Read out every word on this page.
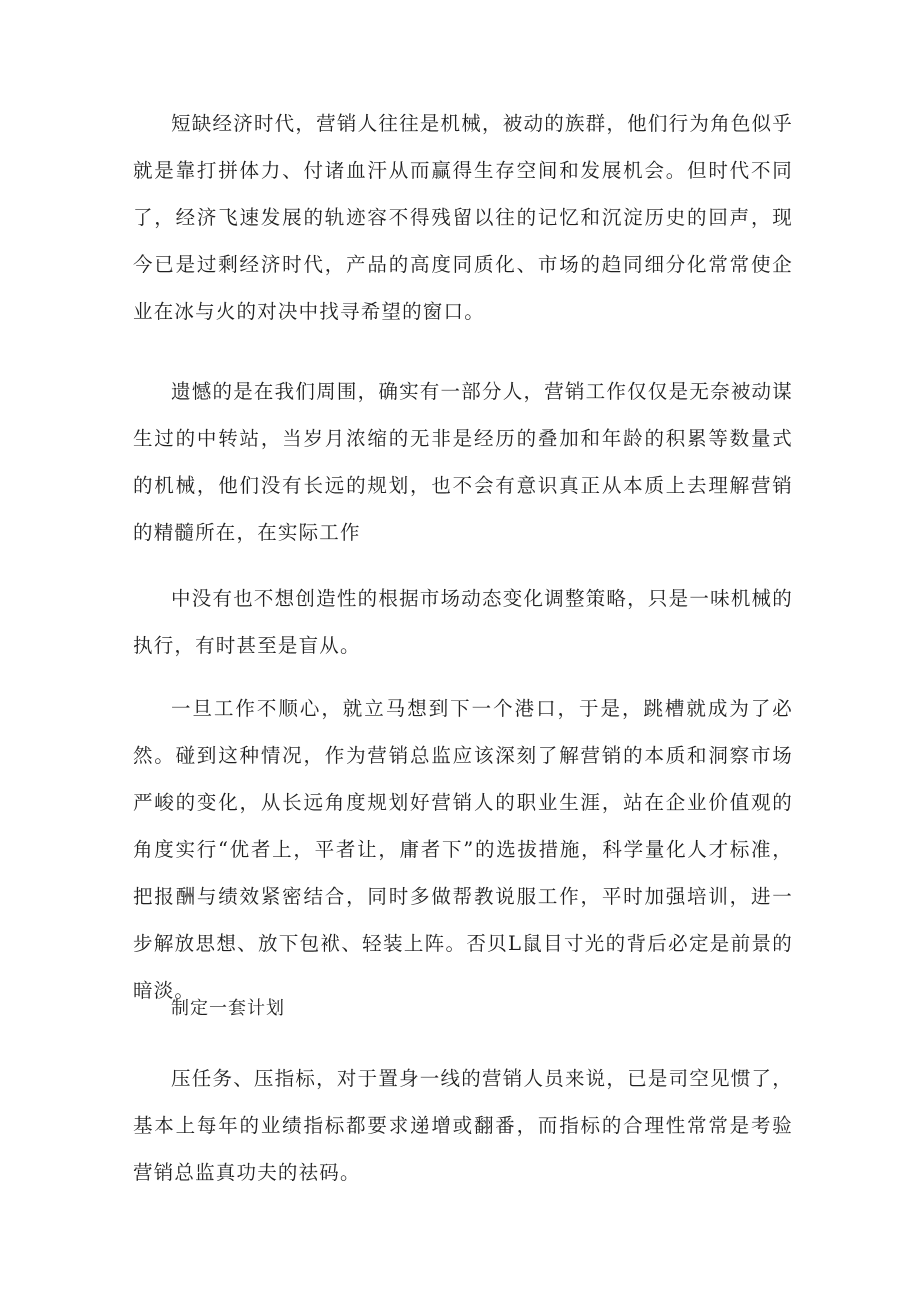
短缺经济时代，营销人往往是机械，被动的族群，他们行为角色似乎就是靠打拼体力、付诸血汗从而赢得生存空间和发展机会。但时代不同了，经济飞速发展的轨迹容不得残留以往的记忆和沉淀历史的回声，现今已是过剩经济时代，产品的高度同质化、市场的趋同细分化常常使企业在冰与火的对决中找寻希望的窗口。

遗憾的是在我们周围，确实有一部分人，营销工作仅仅是无奈被动谋生过的中转站，当岁月浓缩的无非是经历的叠加和年龄的积累等数量式的机械，他们没有长远的规划，也不会有意识真正从本质上去理解营销的精髓所在，在实际工作

中没有也不想创造性的根据市场动态变化调整策略，只是一味机械的执行，有时甚至是盲从。

一旦工作不顺心，就立马想到下一个港口，于是，跳槽就成为了必然。碰到这种情况，作为营销总监应该深刻了解营销的本质和洞察市场严峻的变化，从长远角度规划好营销人的职业生涯，站在企业价值观的角度实行“优者上，平者让，庸者下”的选拔措施，科学量化人才标准，把报酬与绩效紧密结合，同时多做帮教说服工作，平时加强培训，进一步解放思想、放下包袱、轻装上阵。否贝L鼠目寸光的背后必定是前景的暗淡。

制定一套计划

压任务、压指标，对于置身一线的营销人员来说，已是司空见惯了，基本上每年的业绩指标都要求递增或翻番，而指标的合理性常常是考验营销总监真功夫的祛码。
